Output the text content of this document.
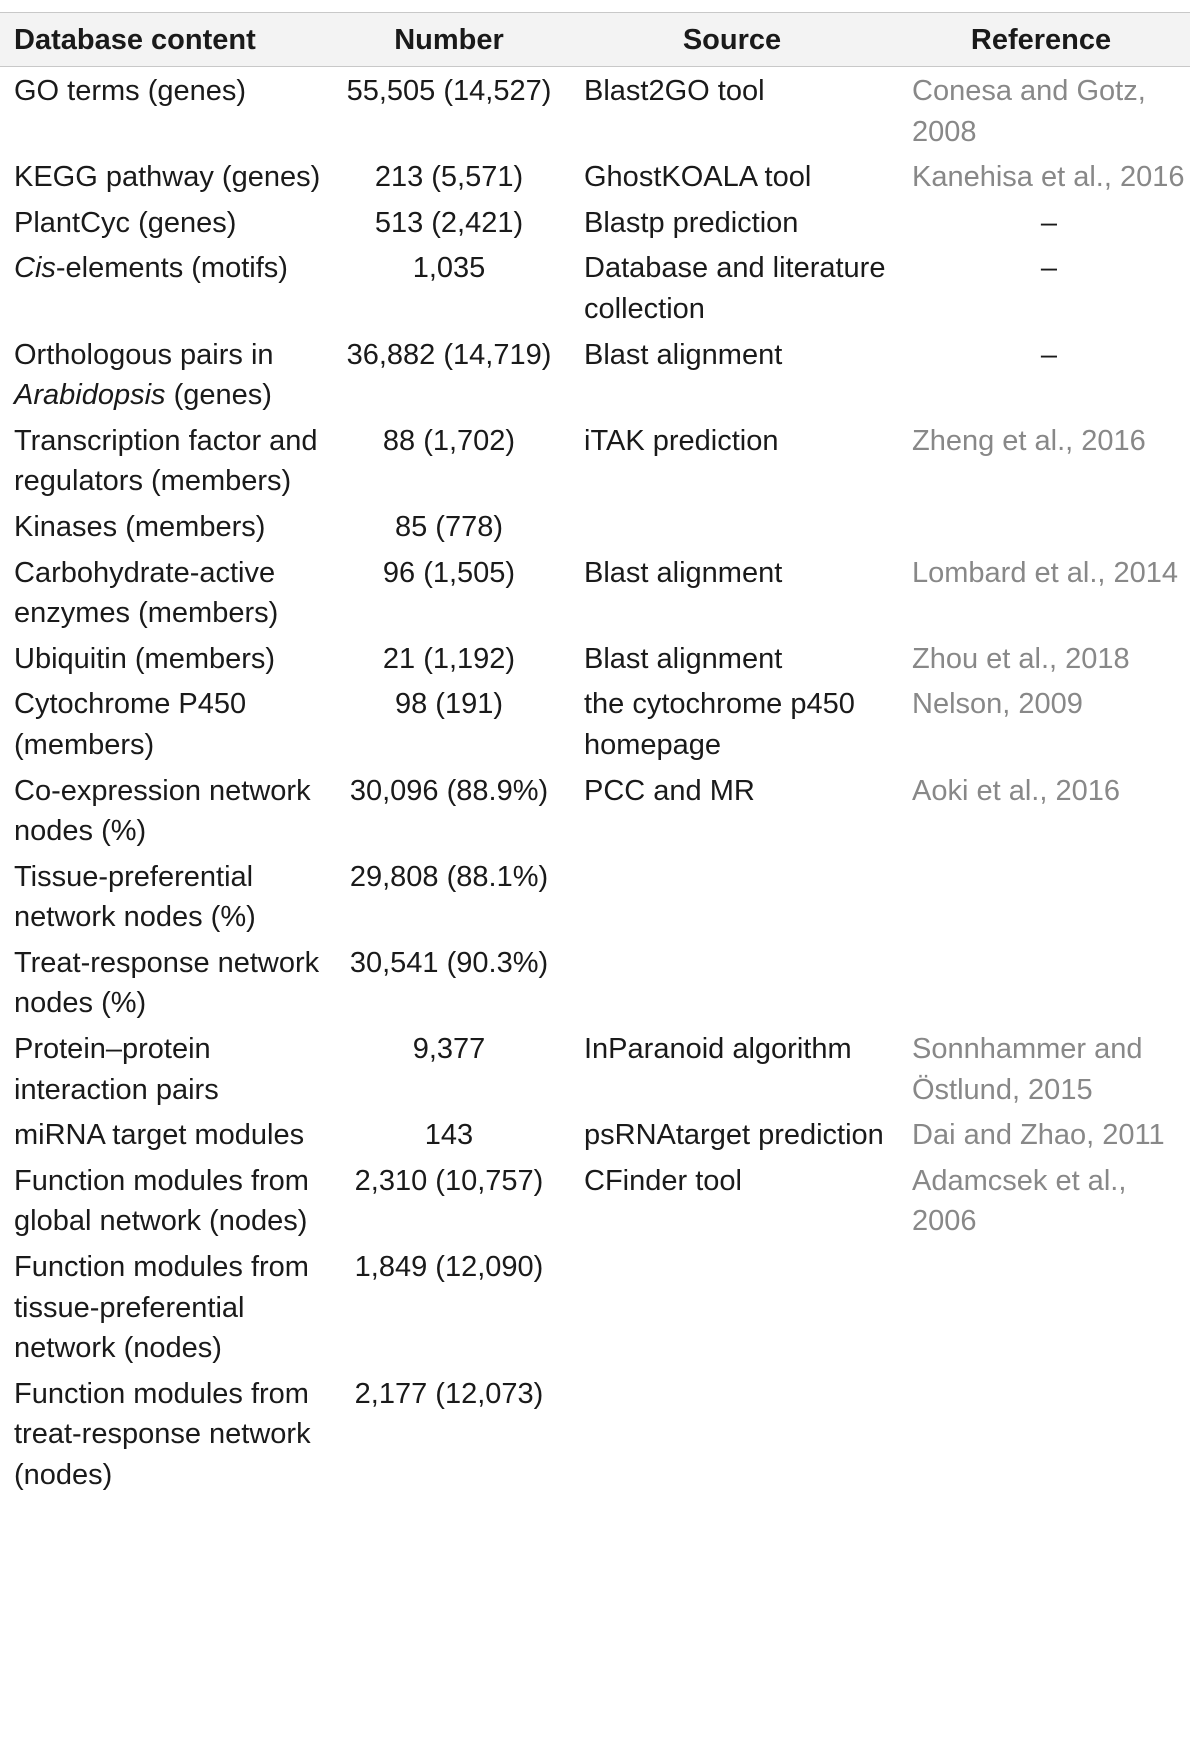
Database content	Number	Source	Reference
GO terms (genes)	55,505 (14,527)	Blast2GO tool	Conesa and Gotz, 2008
KEGG pathway (genes)	213 (5,571)	GhostKOALA tool	Kanehisa et al., 2016
PlantCyc (genes)	513 (2,421)	Blastp prediction	–
Cis-elements (motifs)	1,035	Database and literature collection	–
Orthologous pairs in Arabidopsis (genes)	36,882 (14,719)	Blast alignment	–
Transcription factor and regulators (members)	88 (1,702)	iTAK prediction	Zheng et al., 2016
Kinases (members)	85 (778)		
Carbohydrate-active enzymes (members)	96 (1,505)	Blast alignment	Lombard et al., 2014
Ubiquitin (members)	21 (1,192)	Blast alignment	Zhou et al., 2018
Cytochrome P450 (members)	98 (191)	the cytochrome p450 homepage	Nelson, 2009
Co-expression network nodes (%)	30,096 (88.9%)	PCC and MR	Aoki et al., 2016
Tissue-preferential network nodes (%)	29,808 (88.1%)		
Treat-response network nodes (%)	30,541 (90.3%)		
Protein–protein interaction pairs	9,377	InParanoid algorithm	Sonnhammer and Östlund, 2015
miRNA target modules	143	psRNAtarget prediction	Dai and Zhao, 2011
Function modules from global network (nodes)	2,310 (10,757)	CFinder tool	Adamcsek et al., 2006
Function modules from tissue-preferential network (nodes)	1,849 (12,090)		
Function modules from treat-response network (nodes)	2,177 (12,073)		
